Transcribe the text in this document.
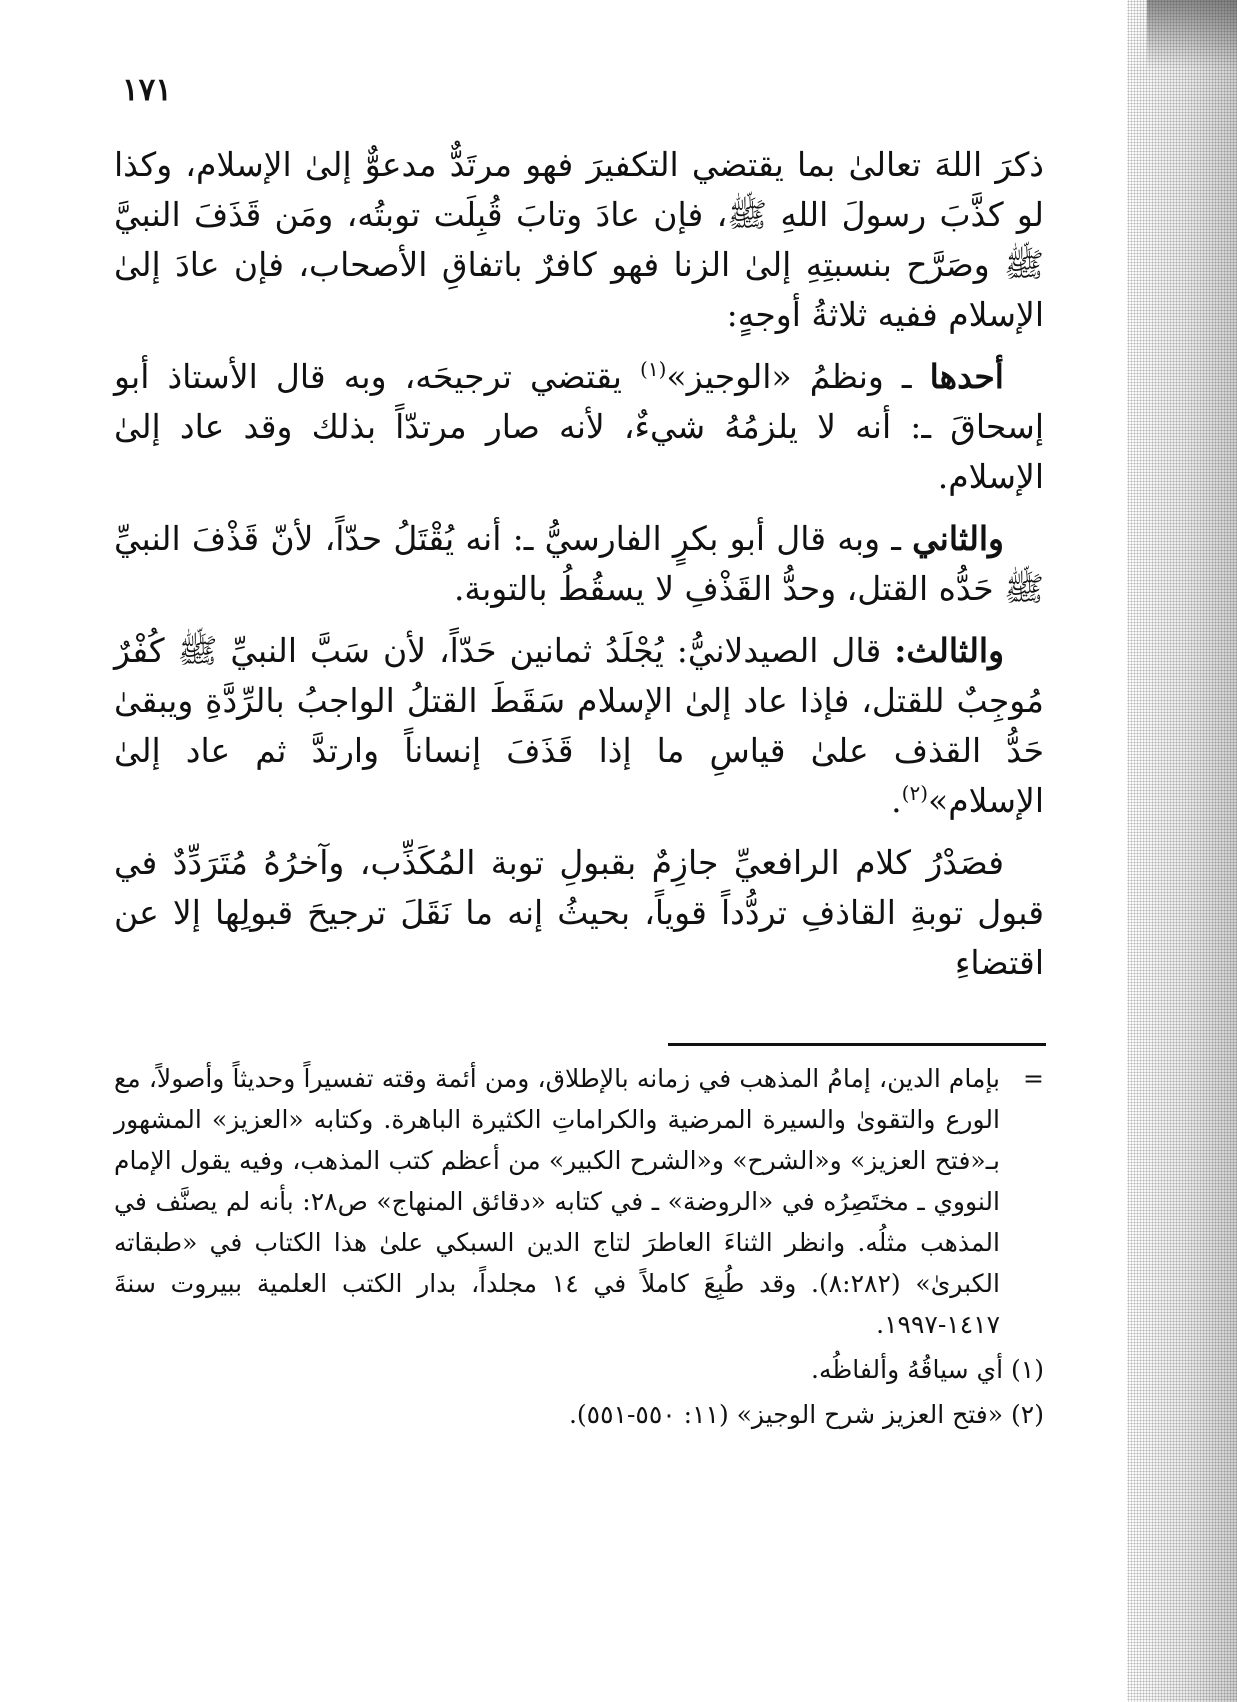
١٧١

ذكرَ اللهَ تعالىٰ بما يقتضي التكفيرَ فهو مرتَدٌّ مدعوٌّ إلىٰ الإسلام، وكذا لو كذَّبَ رسولَ اللهِ ﷺ، فإن عادَ وتابَ قُبِلَت توبتُه، ومَن قَذَفَ النبيَّ ﷺ وصَرَّح بنسبتِهِ إلىٰ الزنا فهو كافرٌ باتفاقِ الأصحاب، فإن عادَ إلىٰ الإسلام ففيه ثلاثةُ أوجهٍ:

أحدها ـ ونظمُ «الوجيز»$^{(١)}$ يقتضي ترجيحَه، وبه قال الأستاذ أبو إسحاقَ ـ: أنه لا يلزمُهُ شيءٌ، لأنه صار مرتدّاً بذلك وقد عاد إلىٰ الإسلام.

والثاني ـ وبه قال أبو بكرٍ الفارسيُّ ـ: أنه يُقْتَلُ حدّاً، لأنّ قَذْفَ النبيِّ ﷺ حَدُّه القتل، وحدُّ القَذْفِ لا يسقُطُ بالتوبة.

والثالث: قال الصيدلانيُّ: يُجْلَدُ ثمانين حَدّاً، لأن سَبَّ النبيِّ ﷺ كُفْرٌ مُوجِبٌ للقتل، فإذا عاد إلىٰ الإسلام سَقَطَ القتلُ الواجبُ بالرِّدَّةِ ويبقىٰ حَدُّ القذف علىٰ قياسِ ما إذا قَذَفَ إنساناً وارتدَّ ثم عاد إلىٰ الإسلام»$^{(٢)}$.

فصَدْرُ كلام الرافعيِّ جازِمٌ بقبولِ توبة المُكَذِّب، وآخرُهُ مُتَرَدِّدٌ في قبول توبةِ القاذفِ تردُّداً قوياً، بحيثُ إنه ما نَقَلَ ترجيحَ قبولِها إلا عن اقتضاءِ

=
بإمام الدين، إمامُ المذهب في زمانه بالإطلاق، ومن أئمة وقته تفسيراً وحديثاً وأصولاً، مع الورع والتقوىٰ والسيرة المرضية والكراماتِ الكثيرة الباهرة. وكتابه «العزيز» المشهور بـ«فتح العزيز» و«الشرح» و«الشرح الكبير» من أعظم كتب المذهب، وفيه يقول الإمام النووي ـ مختَصِرُه في «الروضة» ـ في كتابه «دقائق المنهاج» ص٢٨: بأنه لم يصنَّف في المذهب مثلُه. وانظر الثناءَ العاطرَ لتاج الدين السبكي علىٰ هذا الكتاب في «طبقاته الكبرىٰ» (٨:٢٨٢). وقد طُبِعَ كاملاً في ١٤ مجلداً، بدار الكتب العلمية ببيروت سنةَ ١٤١٧-١٩٩٧.
(١)أي سياقُهُ وألفاظُه.
(٢)«فتح العزيز شرح الوجيز» (١١: ٥٥٠-٥٥١).
